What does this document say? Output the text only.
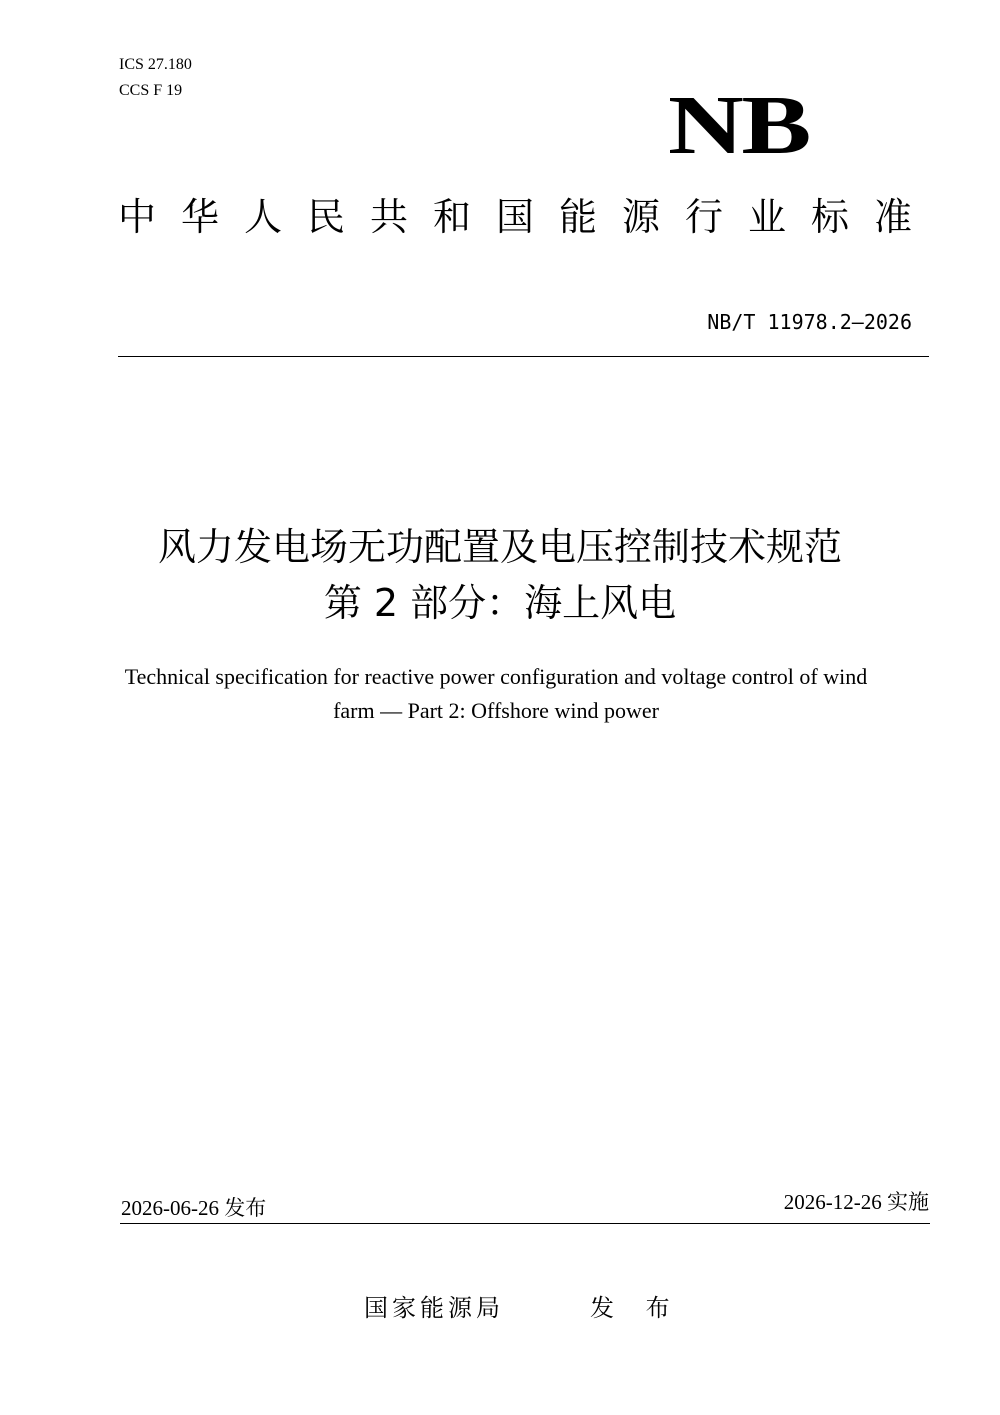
ICS 27.180
CCS F 19	NB
中华人民共和国能源行业标准
NB/T 11978.2—2026
风力发电场无功配置及电压控制技术规范
第 2 部分：海上风电
Technical specification for reactive power configuration and voltage control of wind
farm — Part 2: Offshore wind power
2026-06-26 发布	2026-12-26 实施
国家能源局	发 布
